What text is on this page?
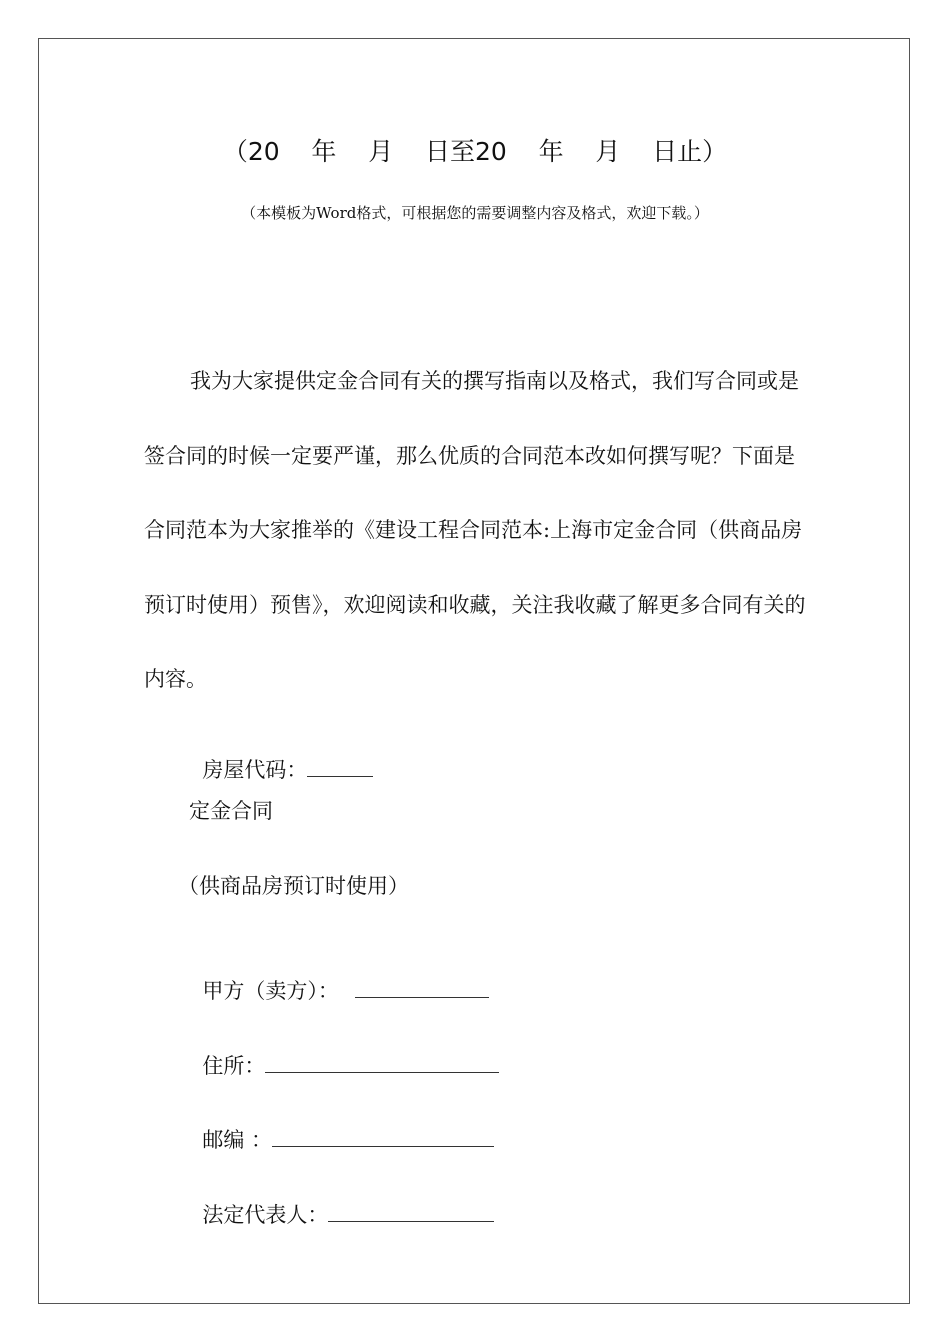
（20    年    月    日至20    年    月    日止）
（本模板为Word格式，可根据您的需要调整内容及格式，欢迎下载。）

我为大家提供定金合同有关的撰写指南以及格式，我们写合同或是签合同的时候一定要严谨，那么优质的合同范本改如何撰写呢？下面是合同范本为大家推举的《建设工程合同范本:上海市定金合同（供商品房预订时使用）预售》，欢迎阅读和收藏，关注我收藏了解更多合同有关的内容。

房屋代码：

定金合同
（供商品房预订时使用）

甲方（卖方）：

住所：

邮编 ：

法定代表人：
